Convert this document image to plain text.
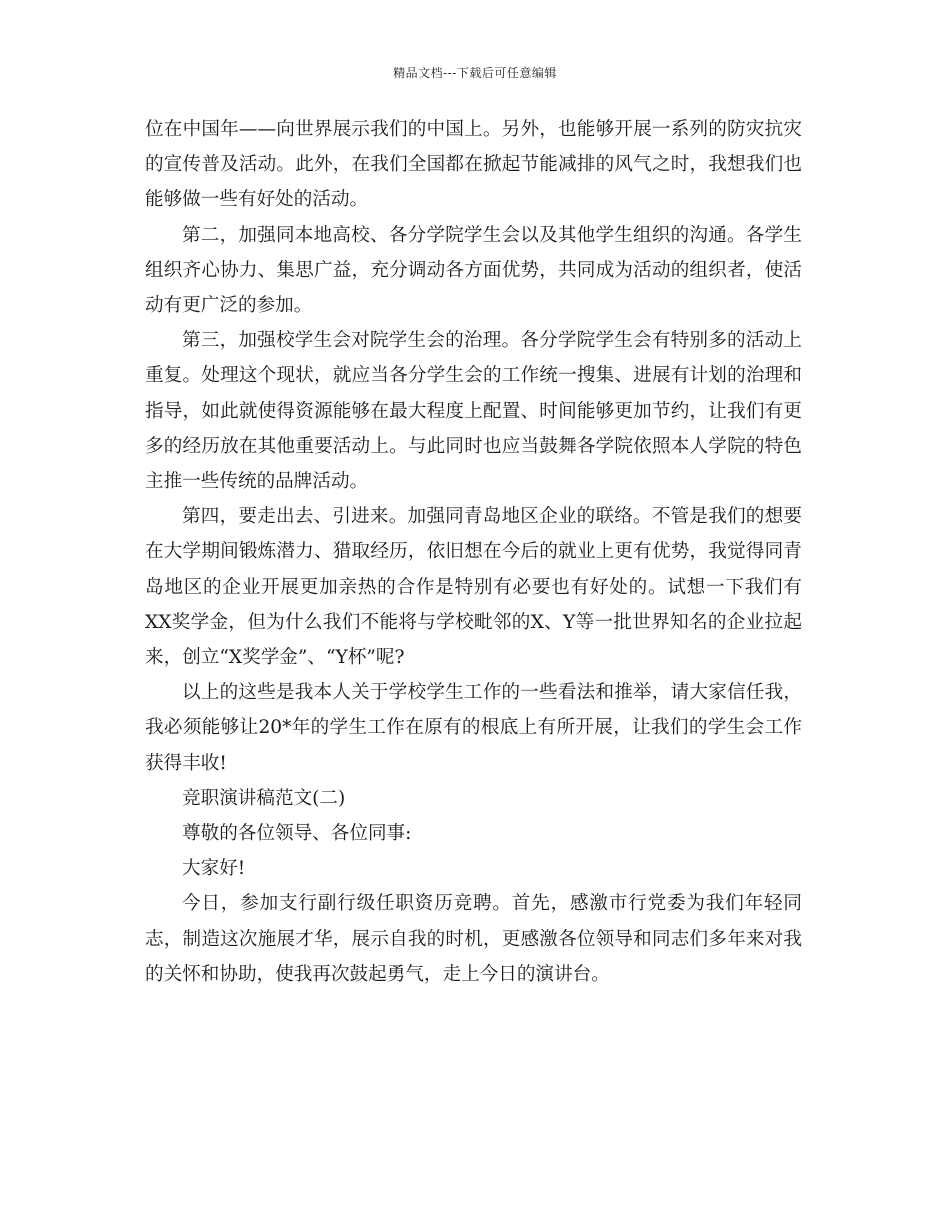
精品文档---下载后可任意编辑

位在中国年——向世界展示我们的中国上。另外，也能够开展一系列的防灾抗灾的宣传普及活动。此外，在我们全国都在掀起节能减排的风气之时，我想我们也能够做一些有好处的活动。

第二，加强同本地高校、各分学院学生会以及其他学生组织的沟通。各学生组织齐心协力、集思广益，充分调动各方面优势，共同成为活动的组织者，使活动有更广泛的参加。

第三，加强校学生会对院学生会的治理。各分学院学生会有特别多的活动上重复。处理这个现状，就应当各分学生会的工作统一搜集、进展有计划的治理和指导，如此就使得资源能够在最大程度上配置、时间能够更加节约，让我们有更多的经历放在其他重要活动上。与此同时也应当鼓舞各学院依照本人学院的特色主推一些传统的品牌活动。

第四，要走出去、引进来。加强同青岛地区企业的联络。不管是我们的想要在大学期间锻炼潜力、猎取经历，依旧想在今后的就业上更有优势，我觉得同青岛地区的企业开展更加亲热的合作是特别有必要也有好处的。试想一下我们有XX奖学金，但为什么我们不能将与学校毗邻的X、Y等一批世界知名的企业拉起来，创立“X奖学金”、“Y杯”呢?

以上的这些是我本人关于学校学生工作的一些看法和推举，请大家信任我，我必须能够让20*年的学生工作在原有的根底上有所开展，让我们的学生会工作获得丰收!

竞职演讲稿范文(二)

尊敬的各位领导、各位同事:

大家好!

今日，参加支行副行级任职资历竞聘。首先，感激市行党委为我们年轻同志，制造这次施展才华，展示自我的时机，更感激各位领导和同志们多年来对我的关怀和协助，使我再次鼓起勇气，走上今日的演讲台。
